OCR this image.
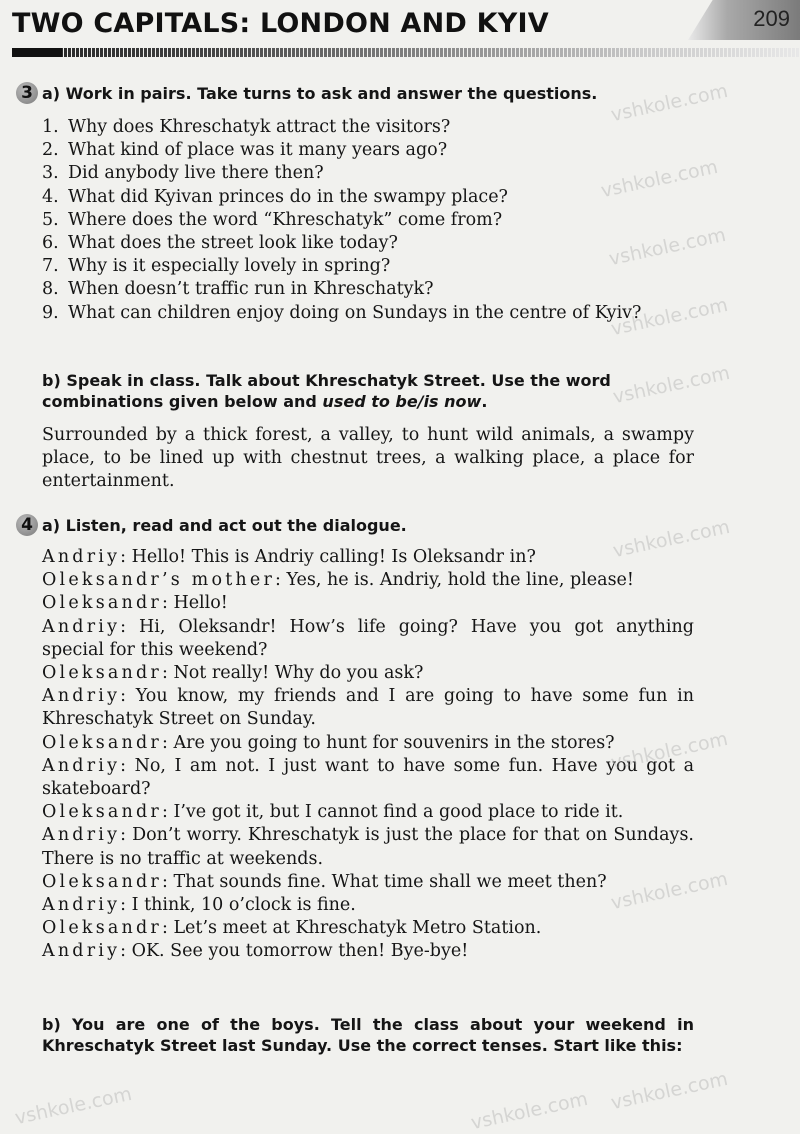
TWO CAPITALS: LONDON AND KYIV	209
3 a) Work in pairs. Take turns to ask and answer the questions.
1. Why does Khreschatyk attract the visitors?
2. What kind of place was it many years ago?
3. Did anybody live there then?
4. What did Kyivan princes do in the swampy place?
5. Where does the word “Khreschatyk” come from?
6. What does the street look like today?
7. Why is it especially lovely in spring?
8. When doesn’t traffic run in Khreschatyk?
9. What can children enjoy doing on Sundays in the centre of Kyiv?
b) Speak in class. Talk about Khreschatyk Street. Use the word combinations given below and used to be/is now.
Surrounded by a thick forest, a valley, to hunt wild animals, a swampy place, to be lined up with chestnut trees, a walking place, a place for entertainment.
4 a) Listen, read and act out the dialogue.
Andriy: Hello! This is Andriy calling! Is Oleksandr in?
Oleksandr’s mother: Yes, he is. Andriy, hold the line, please!
Oleksandr: Hello!
Andriy: Hi, Oleksandr! How’s life going? Have you got anything special for this weekend?
Oleksandr: Not really! Why do you ask?
Andriy: You know, my friends and I are going to have some fun in Khreschatyk Street on Sunday.
Oleksandr: Are you going to hunt for souvenirs in the stores?
Andriy: No, I am not. I just want to have some fun. Have you got a skateboard?
Oleksandr: I’ve got it, but I cannot find a good place to ride it.
Andriy: Don’t worry. Khreschatyk is just the place for that on Sundays. There is no traffic at weekends.
Oleksandr: That sounds fine. What time shall we meet then?
Andriy: I think, 10 o’clock is fine.
Oleksandr: Let’s meet at Khreschatyk Metro Station.
Andriy: OK. See you tomorrow then! Bye-bye!
b) You are one of the boys. Tell the class about your weekend in Khreschatyk Street last Sunday. Use the correct tenses. Start like this:
vshkole.com
vshkole.com
vshkole.com
vshkole.com
vshkole.com
vshkole.com
vshkole.com
vshkole.com
vshkole.com
vshkole.com	vshkole.com
